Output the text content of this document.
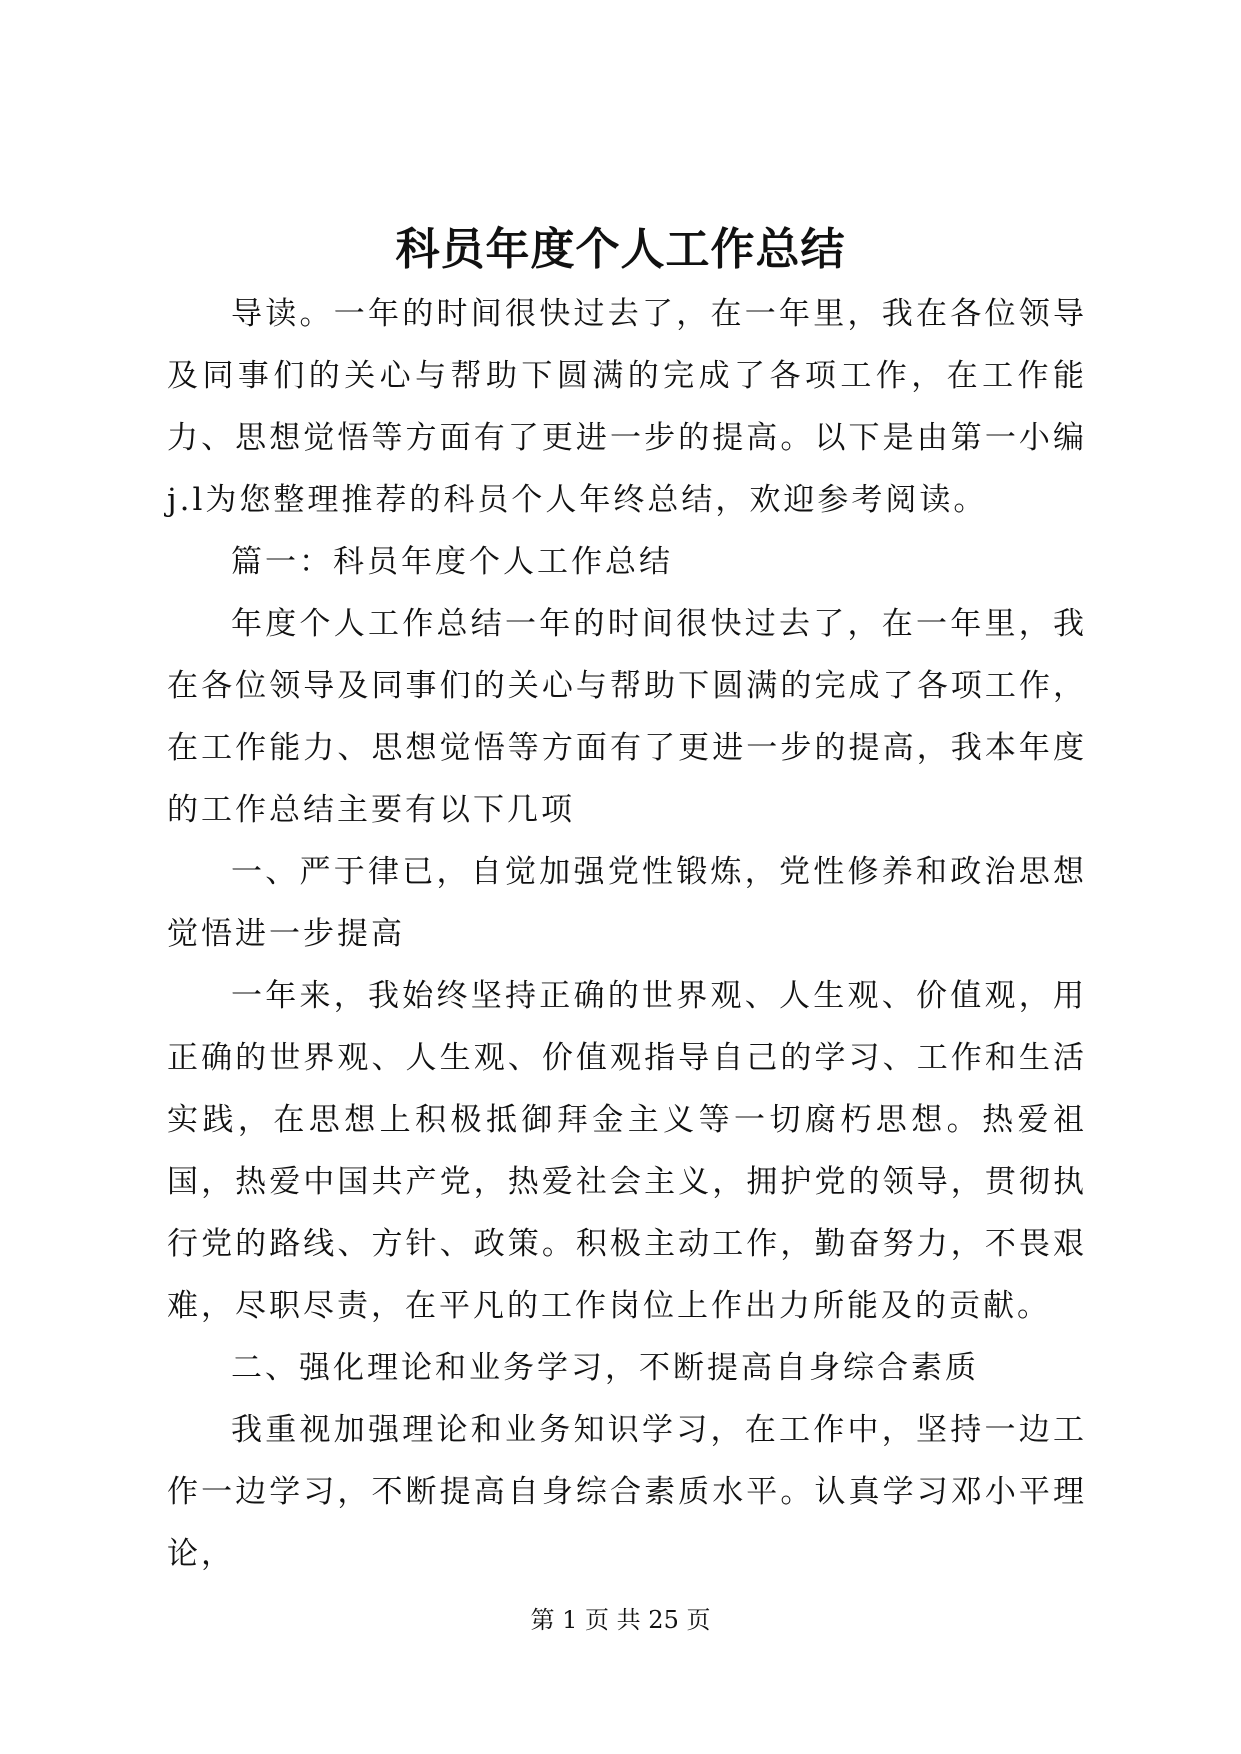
科员年度个人工作总结

导读。一年的时间很快过去了，在一年里，我在各位领导及同事们的关心与帮助下圆满的完成了各项工作，在工作能力、思想觉悟等方面有了更进一步的提高。以下是由第一小编j.l为您整理推荐的科员个人年终总结，欢迎参考阅读。

篇一：科员年度个人工作总结

年度个人工作总结一年的时间很快过去了，在一年里，我在各位领导及同事们的关心与帮助下圆满的完成了各项工作，在工作能力、思想觉悟等方面有了更进一步的提高，我本年度的工作总结主要有以下几项

一、严于律已，自觉加强党性锻炼，党性修养和政治思想觉悟进一步提高

一年来，我始终坚持正确的世界观、人生观、价值观，用正确的世界观、人生观、价值观指导自己的学习、工作和生活实践，在思想上积极抵御拜金主义等一切腐朽思想。热爱祖国，热爱中国共产党，热爱社会主义，拥护党的领导，贯彻执行党的路线、方针、政策。积极主动工作，勤奋努力，不畏艰难，尽职尽责，在平凡的工作岗位上作出力所能及的贡献。

二、强化理论和业务学习，不断提高自身综合素质

我重视加强理论和业务知识学习，在工作中，坚持一边工作一边学习，不断提高自身综合素质水平。认真学习邓小平理论，

第 1 页 共 25 页
